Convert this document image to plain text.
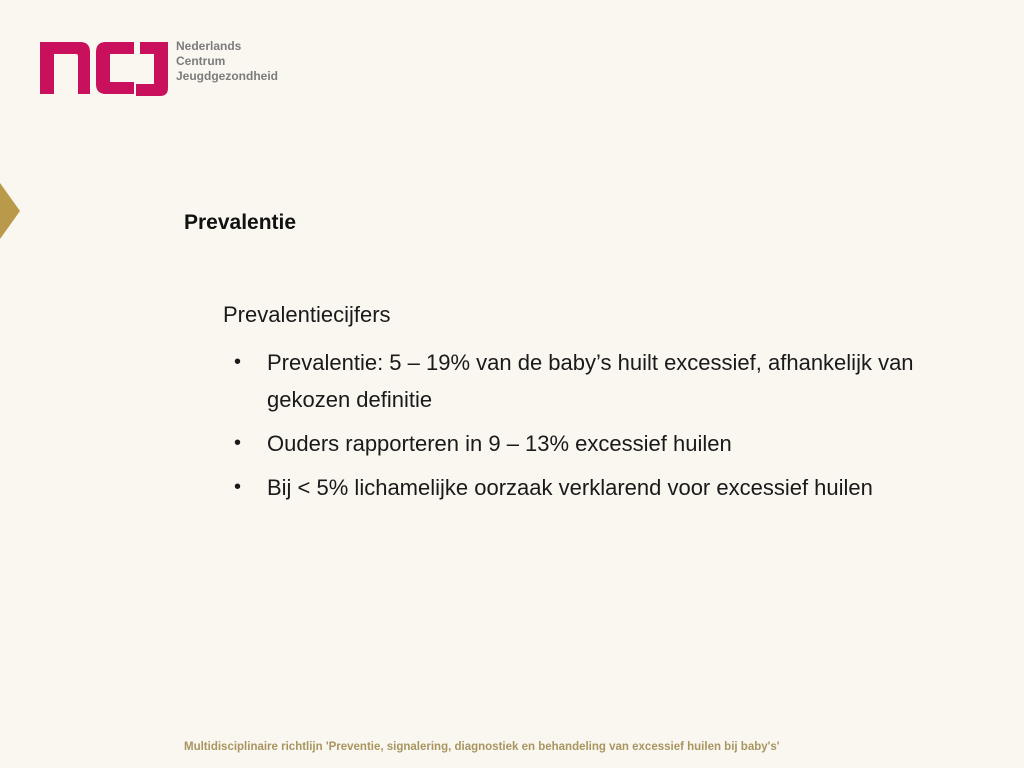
Nederlands
Centrum
Jeugdgezondheid
Prevalentie
Prevalentiecijfers
• Prevalentie: 5 – 19% van de baby’s huilt excessief, afhankelijk van gekozen definitie
• Ouders rapporteren in 9 – 13% excessief huilen
• Bij < 5% lichamelijke oorzaak verklarend voor excessief huilen
Multidisciplinaire richtlijn 'Preventie, signalering, diagnostiek en behandeling van excessief huilen bij baby's'
